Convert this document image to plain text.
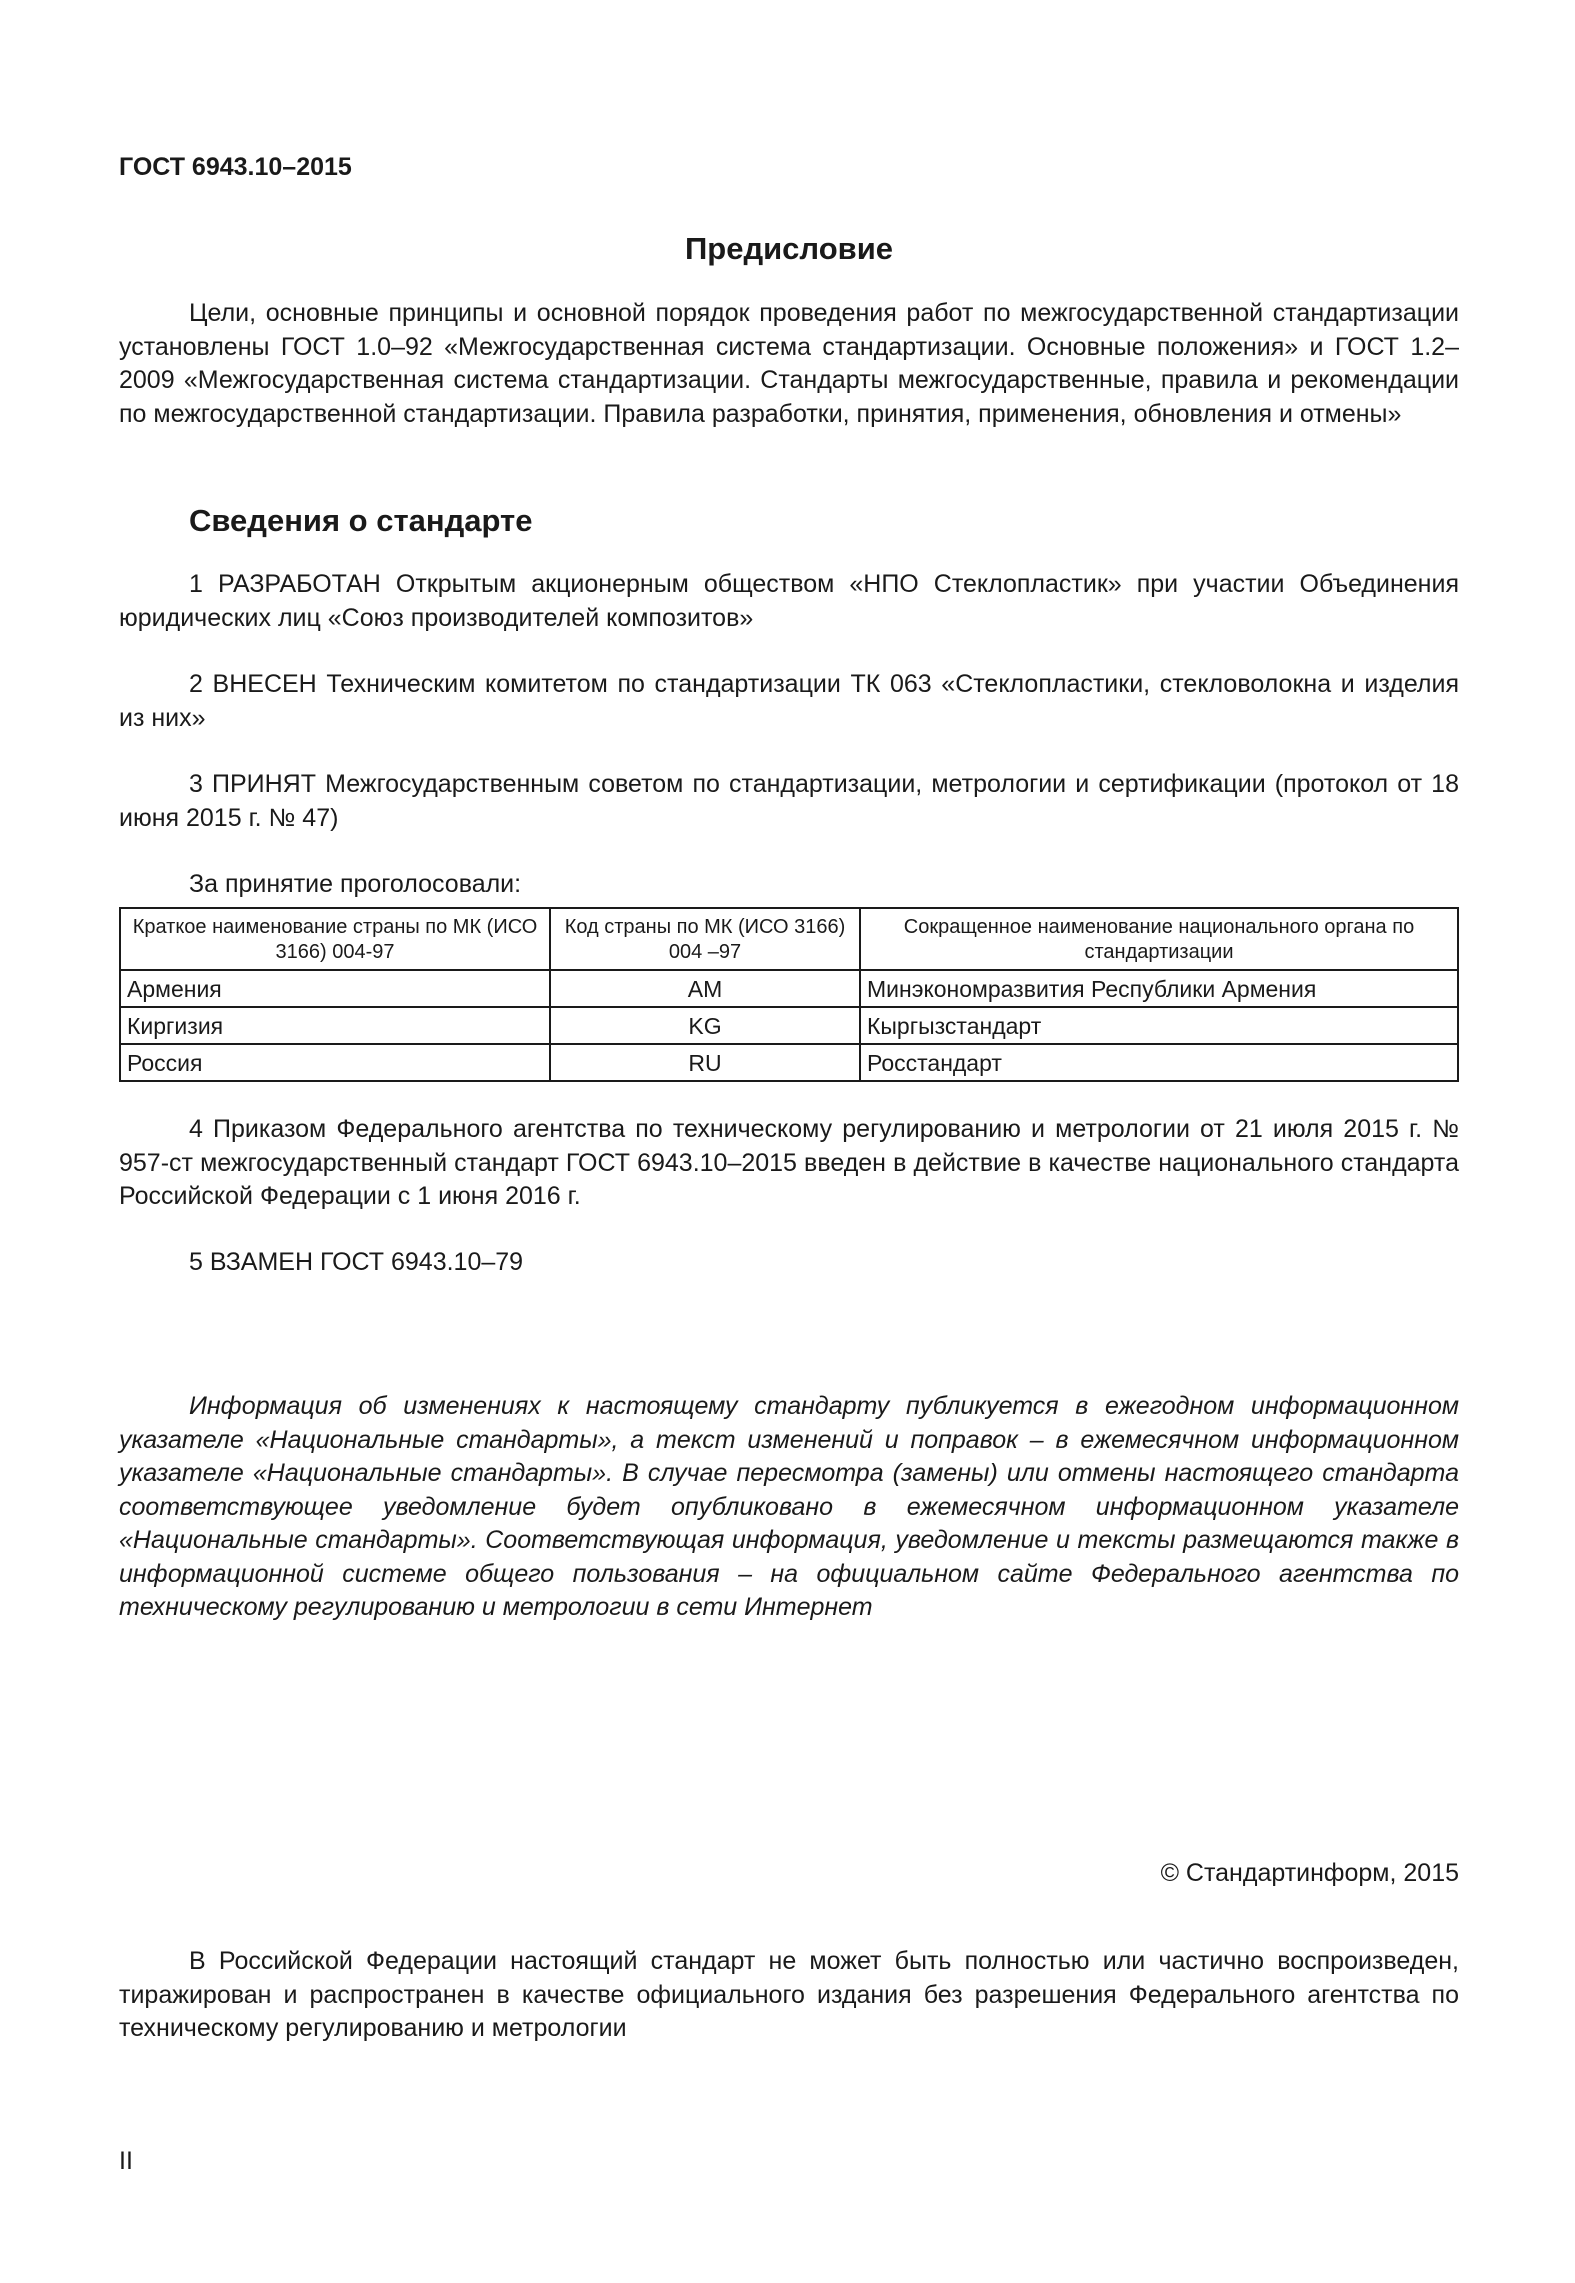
ГОСТ 6943.10–2015
Предисловие

Цели, основные принципы и основной порядок проведения работ по межгосударственной стандартизации установлены ГОСТ 1.0–92 «Межгосударственная система стандартизации. Основные положения» и ГОСТ 1.2–2009 «Межгосударственная система стандартизации. Стандарты межгосударственные, правила и рекомендации по межгосударственной стандартизации. Правила разработки, принятия, применения, обновления и отмены»

Сведения о стандарте

1 РАЗРАБОТАН Открытым акционерным обществом «НПО Стеклопластик» при участии Объединения юридических лиц «Союз производителей композитов»

2 ВНЕСЕН Техническим комитетом по стандартизации ТК 063 «Стеклопластики, стекловолокна и изделия из них»

3 ПРИНЯТ Межгосударственным советом по стандартизации, метрологии и сертификации (протокол от 18 июня 2015 г. № 47)

За принятие проголосовали:
Краткое наименование страны по МК (ИСО 3166) 004-97	Код страны по МК (ИСО 3166) 004 –97	Сокращенное наименование национального органа по стандартизации
Армения	AM	Минэкономразвития Республики Армения
Киргизия	KG	Кыргызстандарт
Россия	RU	Росстандарт

4 Приказом Федерального агентства по техническому регулированию и метрологии от 21 июля 2015 г. № 957-ст межгосударственный стандарт ГОСТ 6943.10–2015 введен в действие в качестве национального стандарта Российской Федерации с 1 июня 2016 г.

5 ВЗАМЕН ГОСТ 6943.10–79

Информация об изменениях к настоящему стандарту публикуется в ежегодном информационном указателе «Национальные стандарты», а текст изменений и поправок – в ежемесячном информационном указателе «Национальные стандарты». В случае пересмотра (замены) или отмены настоящего стандарта соответствующее уведомление будет опубликовано в ежемесячном информационном указателе «Национальные стандарты». Соответствующая информация, уведомление и тексты размещаются также в информационной системе общего пользования – на официальном сайте Федерального агентства по техническому регулированию и метрологии в сети Интернет

© Стандартинформ, 2015

В Российской Федерации настоящий стандарт не может быть полностью или частично воспроизведен, тиражирован и распространен в качестве официального издания без разрешения Федерального агентства по техническому регулированию и метрологии

II
